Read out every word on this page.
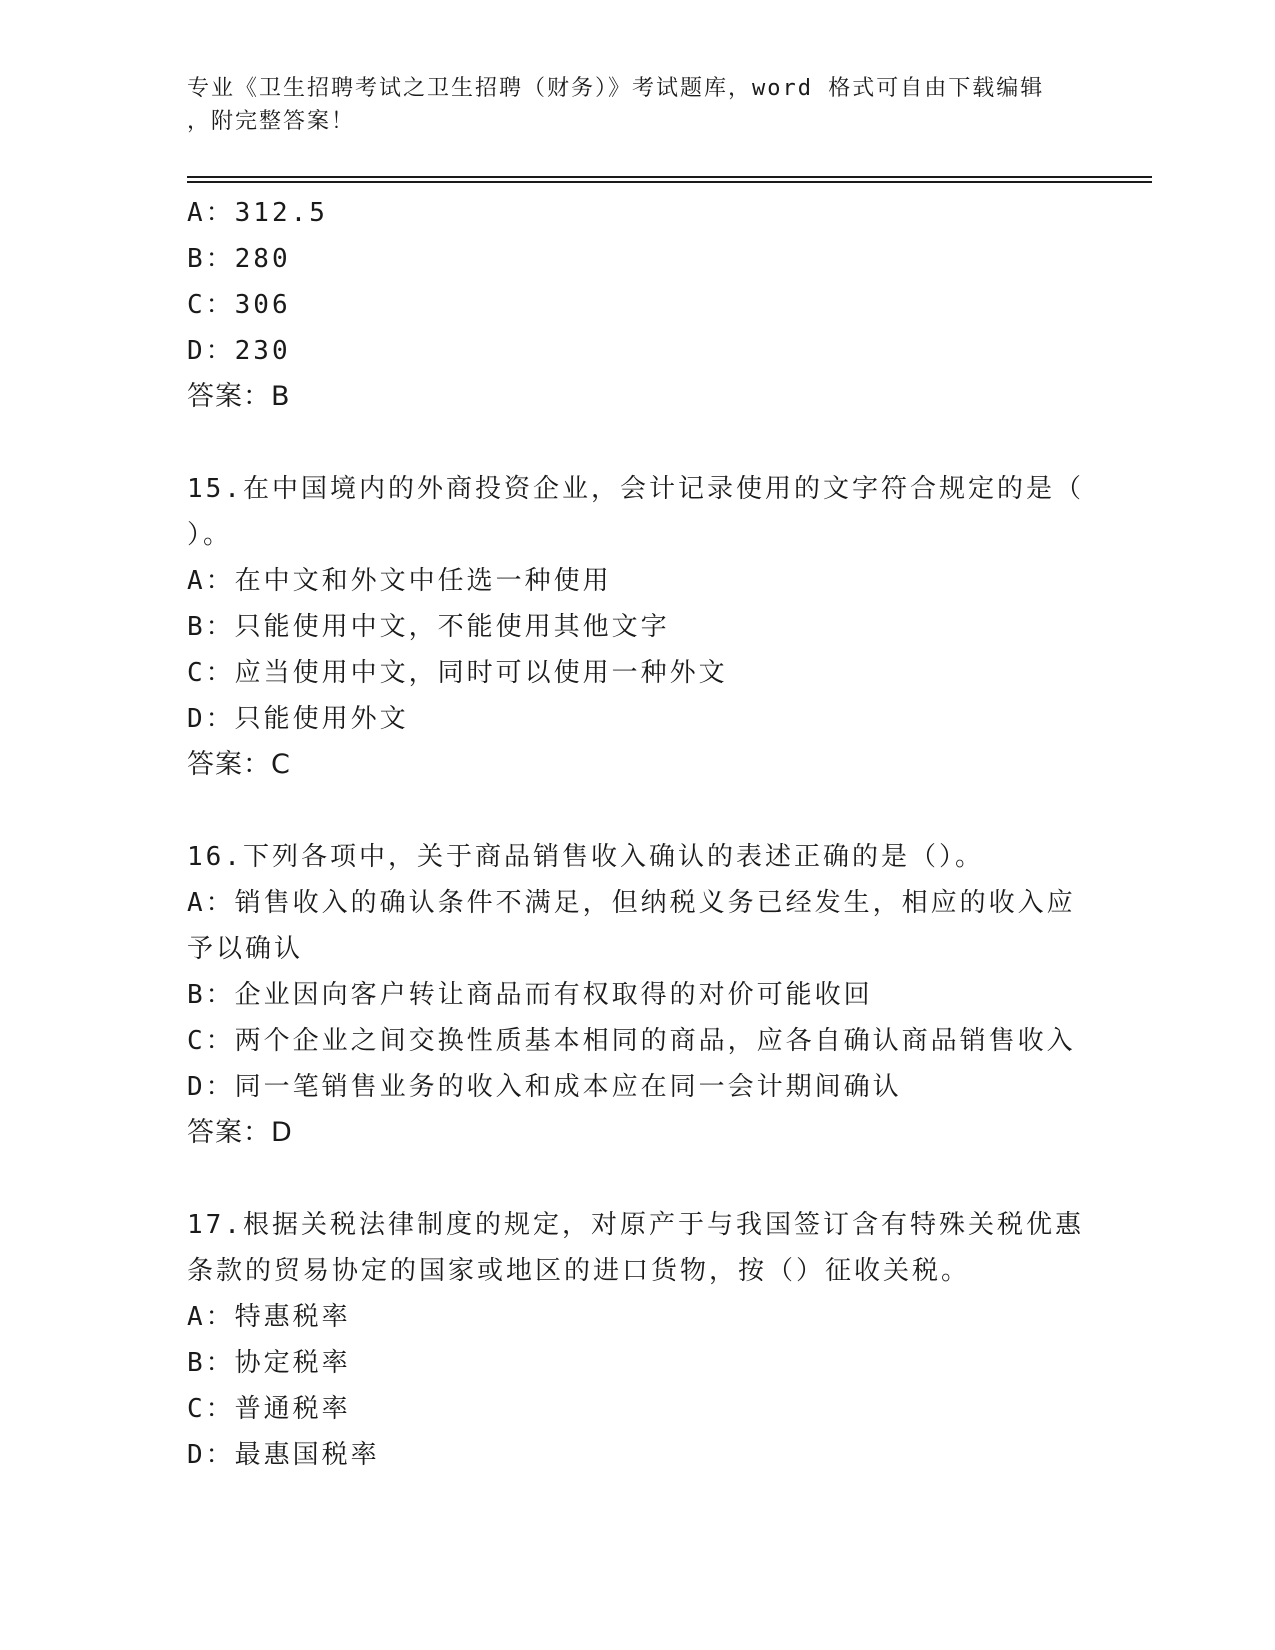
专业《卫生招聘考试之卫生招聘（财务）》考试题库，word 格式可自由下载编辑
，附完整答案！
A：312.5
B：280
C：306
D：230
答案：B
15.在中国境内的外商投资企业，会计记录使用的文字符合规定的是（
）。
A：在中文和外文中任选一种使用
B：只能使用中文，不能使用其他文字
C：应当使用中文，同时可以使用一种外文
D：只能使用外文
答案：C
16.下列各项中，关于商品销售收入确认的表述正确的是（）。
A：销售收入的确认条件不满足，但纳税义务已经发生，相应的收入应
予以确认
B：企业因向客户转让商品而有权取得的对价可能收回
C：两个企业之间交换性质基本相同的商品，应各自确认商品销售收入
D：同一笔销售业务的收入和成本应在同一会计期间确认
答案：D
17.根据关税法律制度的规定，对原产于与我国签订含有特殊关税优惠
条款的贸易协定的国家或地区的进口货物，按（）征收关税。
A：特惠税率
B：协定税率
C：普通税率
D：最惠国税率
